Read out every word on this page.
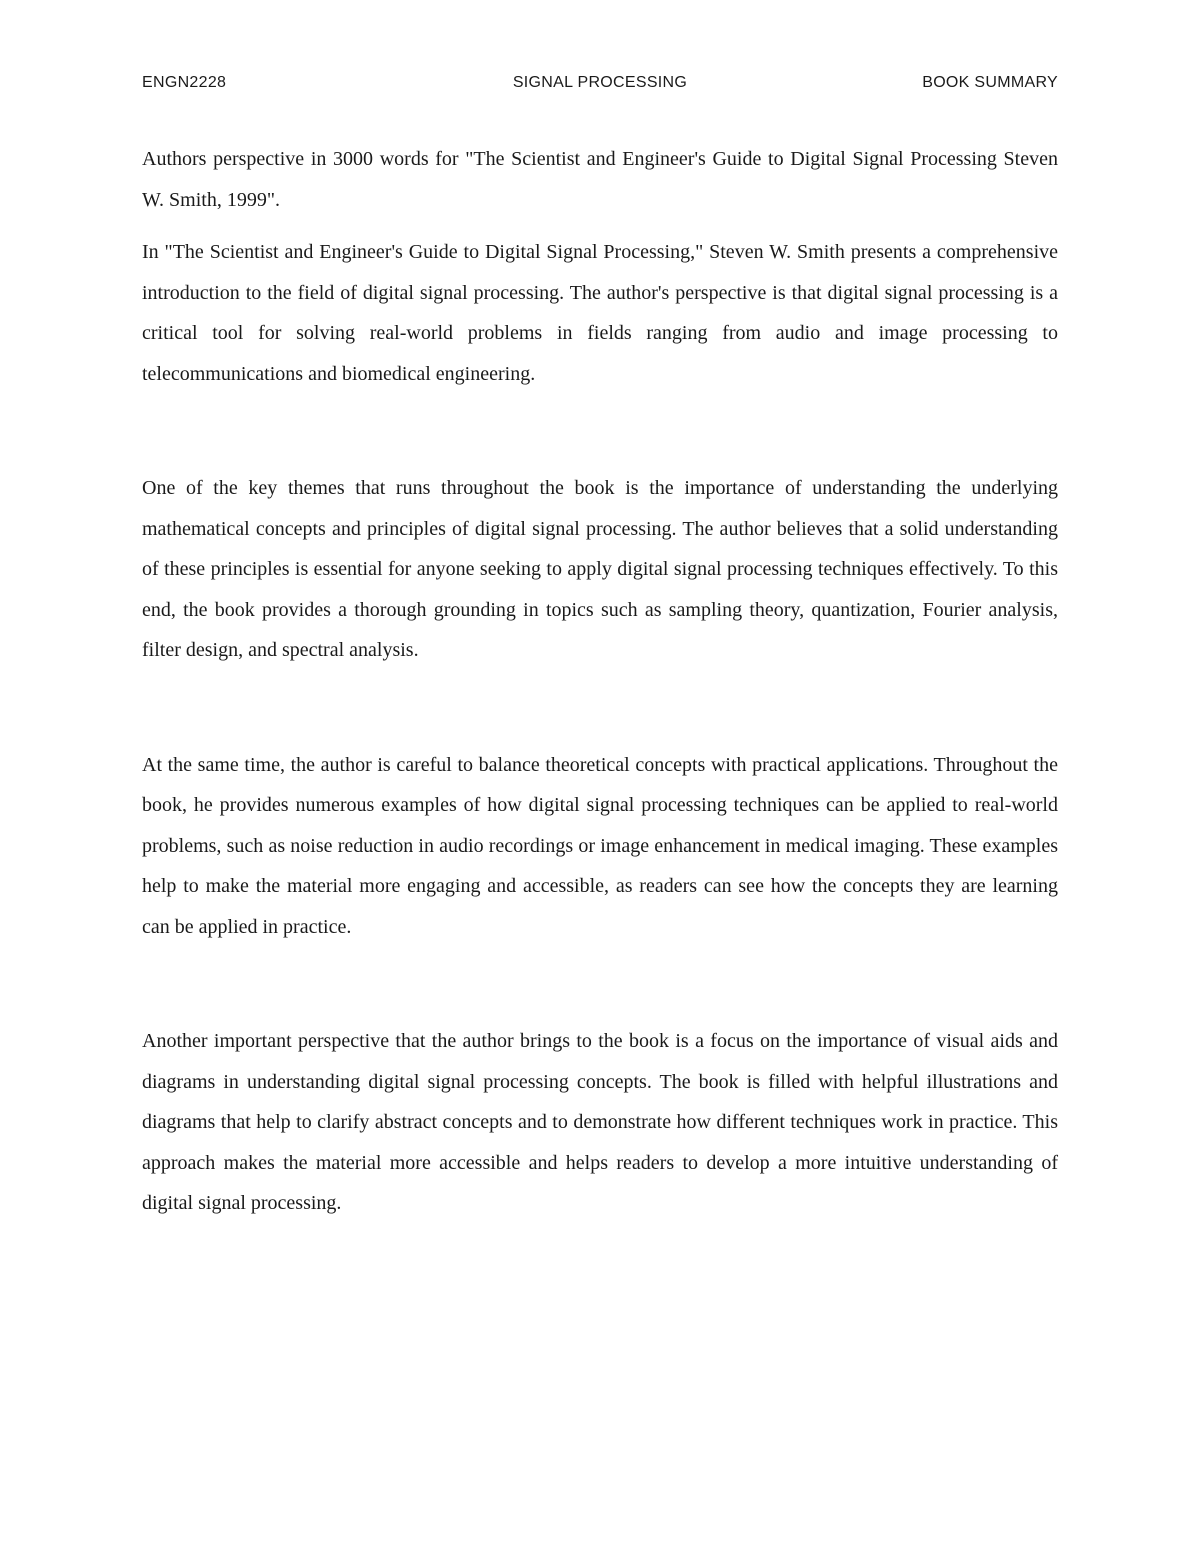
ENGN2228	SIGNAL PROCESSING	BOOK SUMMARY

Authors perspective in 3000 words for "The Scientist and Engineer's Guide to Digital Signal Processing Steven W. Smith, 1999".

In "The Scientist and Engineer's Guide to Digital Signal Processing," Steven W. Smith presents a comprehensive introduction to the field of digital signal processing. The author's perspective is that digital signal processing is a critical tool for solving real-world problems in fields ranging from audio and image processing to telecommunications and biomedical engineering.

One of the key themes that runs throughout the book is the importance of understanding the underlying mathematical concepts and principles of digital signal processing. The author believes that a solid understanding of these principles is essential for anyone seeking to apply digital signal processing techniques effectively. To this end, the book provides a thorough grounding in topics such as sampling theory, quantization, Fourier analysis, filter design, and spectral analysis.

At the same time, the author is careful to balance theoretical concepts with practical applications. Throughout the book, he provides numerous examples of how digital signal processing techniques can be applied to real-world problems, such as noise reduction in audio recordings or image enhancement in medical imaging. These examples help to make the material more engaging and accessible, as readers can see how the concepts they are learning can be applied in practice.

Another important perspective that the author brings to the book is a focus on the importance of visual aids and diagrams in understanding digital signal processing concepts. The book is filled with helpful illustrations and diagrams that help to clarify abstract concepts and to demonstrate how different techniques work in practice. This approach makes the material more accessible and helps readers to develop a more intuitive understanding of digital signal processing.
